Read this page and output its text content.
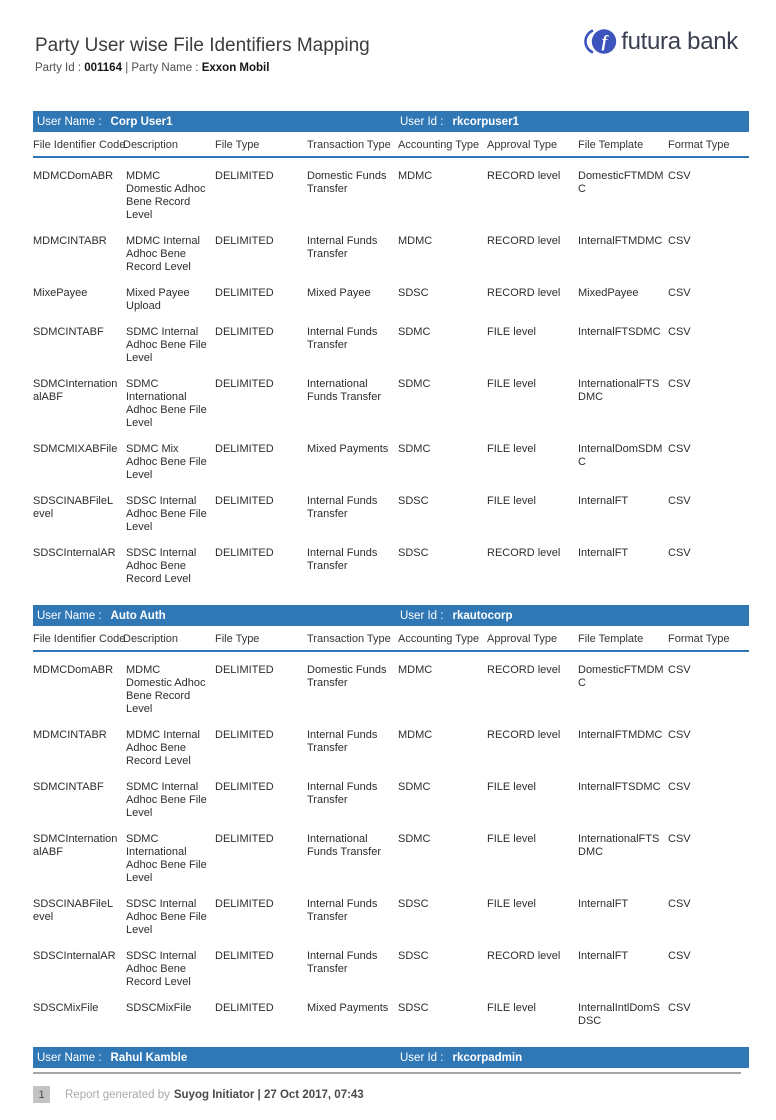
Party User wise File Identifiers Mapping

Party Id : 001164 | Party Name : Exxon Mobil

f futura bank
User Name : Corp User1	User Id : rkcorpuser1
File Identifier Code	Description	File Type	Transaction Type	Accounting Type	Approval Type	File Template	Format Type
MDMCDomABR	MDMC Domestic Adhoc Bene Record Level	DELIMITED	Domestic Funds Transfer	MDMC	RECORD level	DomesticFTMDMC	CSV
MDMCINTABR	MDMC Internal Adhoc Bene Record Level	DELIMITED	Internal Funds Transfer	MDMC	RECORD level	InternalFTMDMC	CSV
MixePayee	Mixed Payee Upload	DELIMITED	Mixed Payee	SDSC	RECORD level	MixedPayee	CSV
SDMCINTABF	SDMC Internal Adhoc Bene File Level	DELIMITED	Internal Funds Transfer	SDMC	FILE level	InternalFTSDMC	CSV
SDMCInternationalABF	SDMC International Adhoc Bene File Level	DELIMITED	International Funds Transfer	SDMC	FILE level	InternationalFTSDMC	CSV
SDMCMIXABFile	SDMC Mix Adhoc Bene File Level	DELIMITED	Mixed Payments	SDMC	FILE level	InternalDomSDMC	CSV
SDSCINABFileLevel	SDSC Internal Adhoc Bene File Level	DELIMITED	Internal Funds Transfer	SDSC	FILE level	InternalFT	CSV
SDSCInternalAR	SDSC Internal Adhoc Bene Record Level	DELIMITED	Internal Funds Transfer	SDSC	RECORD level	InternalFT	CSV
User Name : Auto Auth	User Id : rkautocorp
File Identifier Code	Description	File Type	Transaction Type	Accounting Type	Approval Type	File Template	Format Type
MDMCDomABR	MDMC Domestic Adhoc Bene Record Level	DELIMITED	Domestic Funds Transfer	MDMC	RECORD level	DomesticFTMDMC	CSV
MDMCINTABR	MDMC Internal Adhoc Bene Record Level	DELIMITED	Internal Funds Transfer	MDMC	RECORD level	InternalFTMDMC	CSV
SDMCINTABF	SDMC Internal Adhoc Bene File Level	DELIMITED	Internal Funds Transfer	SDMC	FILE level	InternalFTSDMC	CSV
SDMCInternationalABF	SDMC International Adhoc Bene File Level	DELIMITED	International Funds Transfer	SDMC	FILE level	InternationalFTSDMC	CSV
SDSCINABFileLevel	SDSC Internal Adhoc Bene File Level	DELIMITED	Internal Funds Transfer	SDSC	FILE level	InternalFT	CSV
SDSCInternalAR	SDSC Internal Adhoc Bene Record Level	DELIMITED	Internal Funds Transfer	SDSC	RECORD level	InternalFT	CSV
SDSCMixFile	SDSCMixFile	DELIMITED	Mixed Payments	SDSC	FILE level	InternalIntlDomSDSC	CSV
User Name : Rahul Kamble	User Id : rkcorpadmin
1	Report generated by Suyog Initiator | 27 Oct 2017, 07:43
